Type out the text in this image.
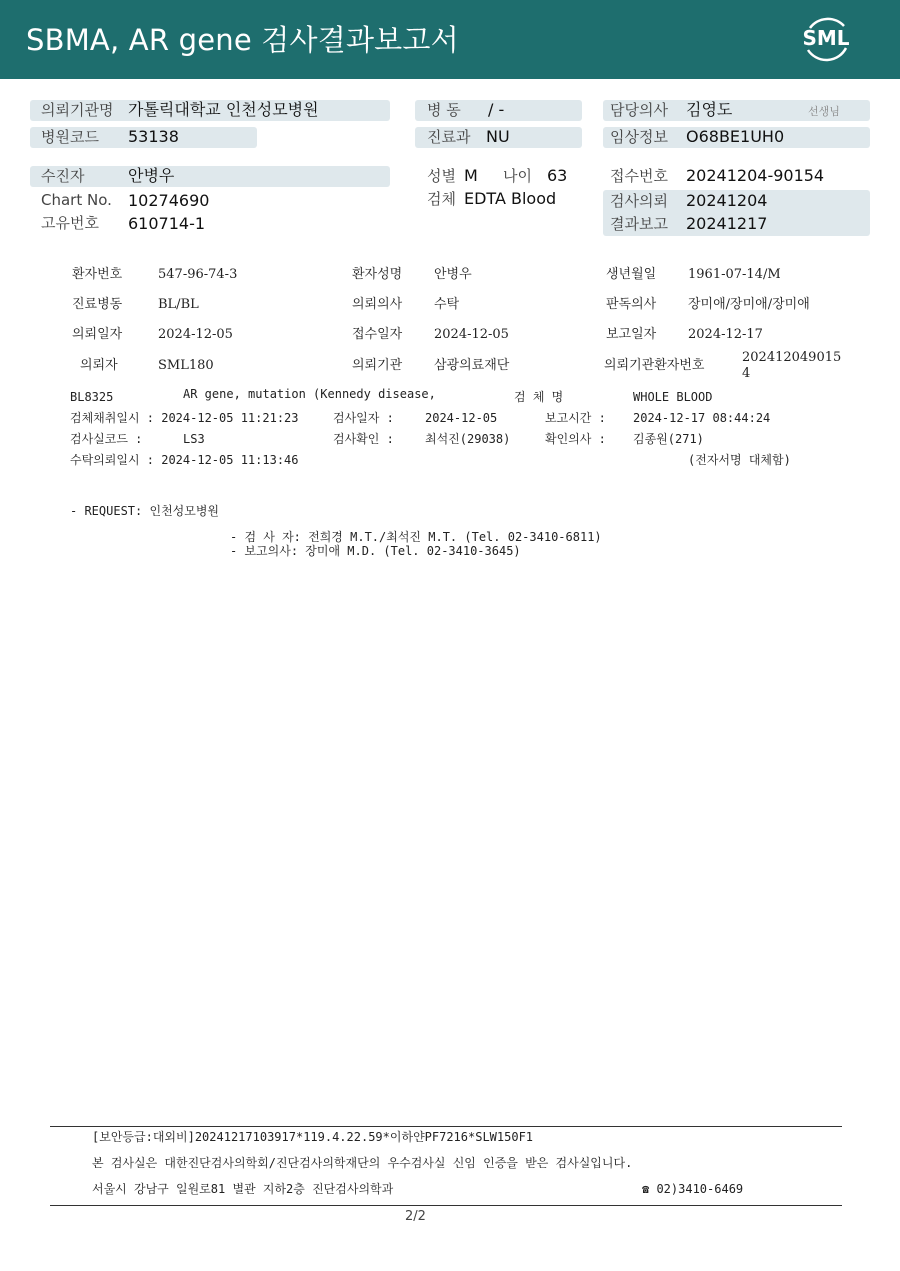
SBMA, AR gene 검사결과보고서	SML
의뢰기관명 가톨릭대학교 인천성모병원
병원코드 53138
병 동 / -
진료과 NU
담당의사 김영도	선생님
임상정보 O68BE1UH0
수진자	안병우
Chart No. 10274690
고유번호 610714-1
성별 M 나이 63
검체 EDTA Blood
접수번호 20241204-90154
검사의뢰 20241204
결과보고 20241217
환자번호	547-96-74-3	환자성명 안병우	생년월일 1961-07-14/M
진료병동	BL/BL	의뢰의사 수탁	판독의사 장미애/장미애/장미애
의뢰일자	2024-12-05	접수일자 2024-12-05	보고일자 2024-12-17
의뢰자	SML180	의뢰기관 삼광의료재단	의뢰기관환자번호
202412049015
4
BL8325	AR gene, mutation (Kennedy disease,	검 체 명	WHOLE BLOOD
검체채취일시 : 2024-12-05 11:21:23	검사일자 :	2024-12-05	보고시간 : 2024-12-17 08:44:24
검사실코드 :	LS3	검사확인 :	최석진(29038)	확인의사 : 김종원(271)
수탁의뢰일시 : 2024-12-05 11:13:46	(전자서명 대체함)
- REQUEST: 인천성모병원
- 검 사 자: 전희경 M.T./최석진 M.T. (Tel. 02-3410-6811)
- 보고의사: 장미애 M.D. (Tel. 02-3410-3645)
[보안등급:대외비]20241217103917*119.4.22.59*이하얀PF7216*SLW150F1
본 검사실은 대한진단검사의학회/진단검사의학재단의 우수검사실 신임 인증을 받은 검사실입니다.
서울시 강남구 일원로81 별관 지하2층 진단검사의학과	☎ 02)3410-6469
2/2
